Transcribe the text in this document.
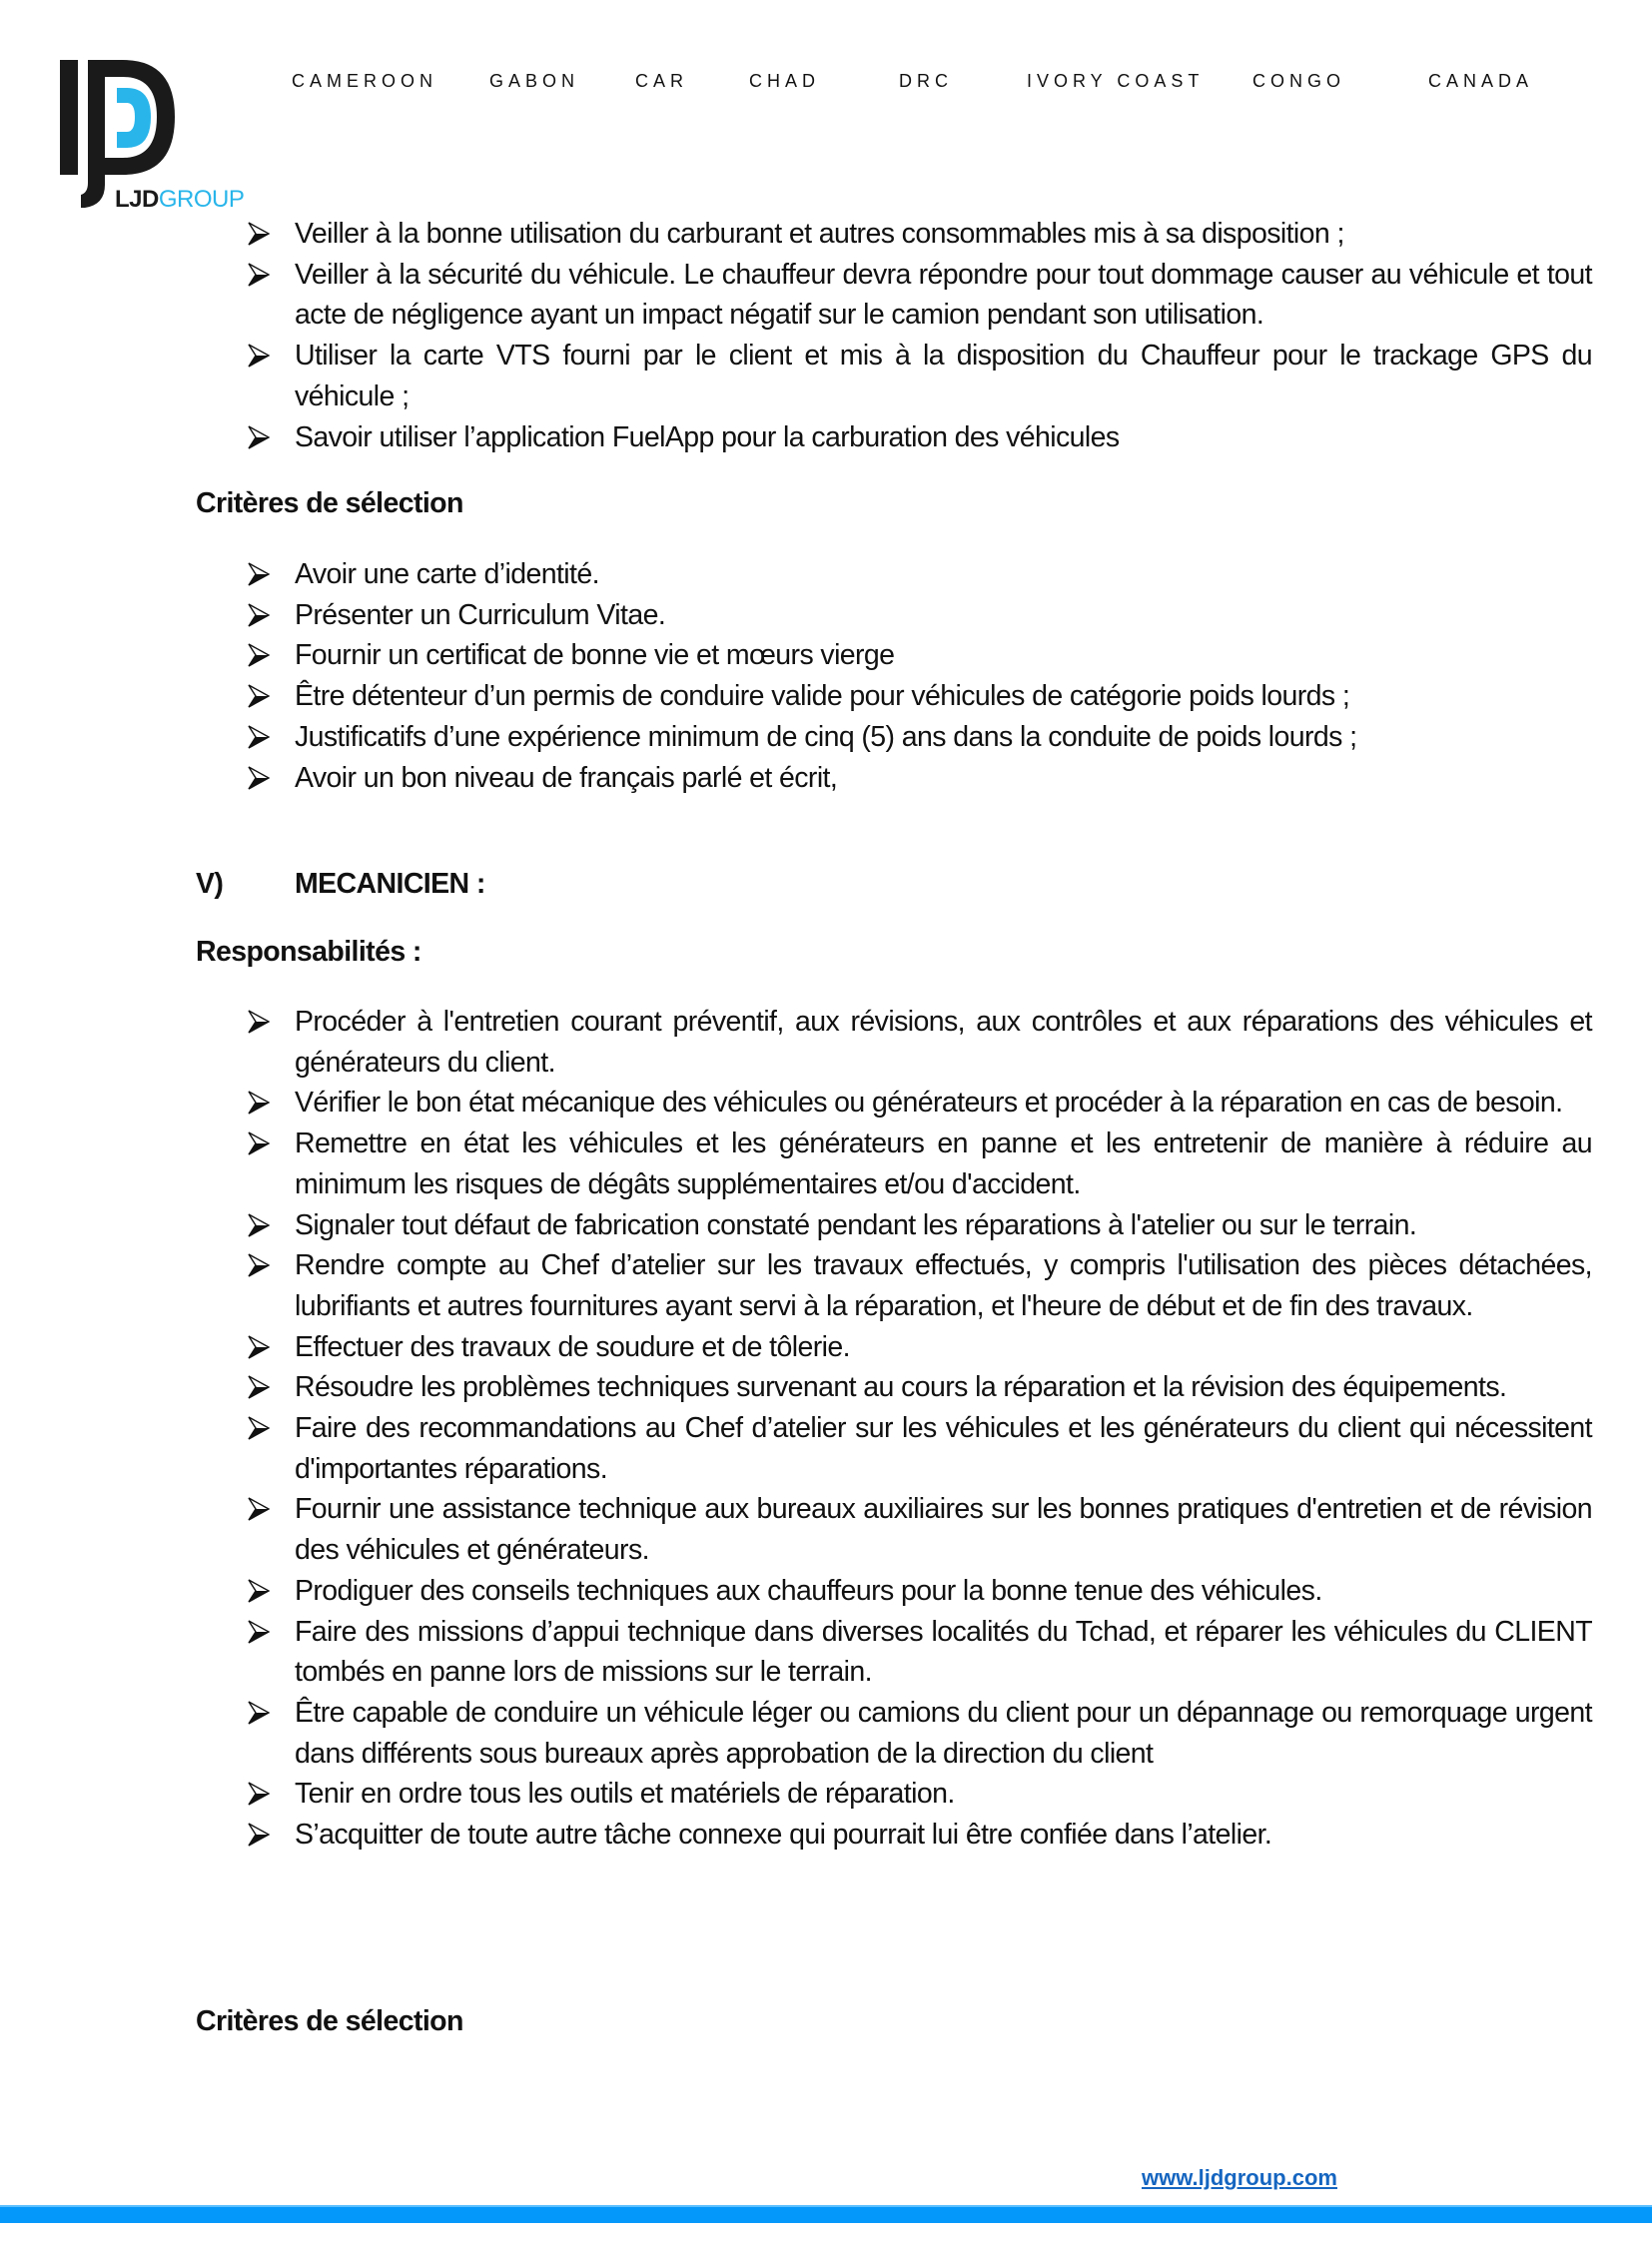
LJDGROUP
CAMEROON	GABON	CAR	CHAD	DRC	IVORY COAST	CONGO	CANADA
Veiller à la bonne utilisation du carburant et autres consommables mis à sa disposition ;
Veiller à la sécurité du véhicule. Le chauffeur devra répondre pour tout dommage causer au véhicule et tout acte de négligence ayant un impact négatif sur le camion pendant son utilisation.
Utiliser la carte VTS fourni par le client et mis à la disposition du Chauffeur pour le trackage GPS du véhicule ;
Savoir utiliser l’application FuelApp pour la carburation des véhicules
Critères de sélection
Avoir une carte d’identité.
Présenter un Curriculum Vitae.
Fournir un certificat de bonne vie et mœurs vierge
Être détenteur d’un permis de conduire valide pour véhicules de catégorie poids lourds ;
Justificatifs d’une expérience minimum de cinq (5) ans dans la conduite de poids lourds ;
Avoir un bon niveau de français parlé et écrit,
V)	MECANICIEN :
Responsabilités :
Procéder à l'entretien courant préventif, aux révisions, aux contrôles et aux réparations des véhicules et générateurs du client.
Vérifier le bon état mécanique des véhicules ou générateurs et procéder à la réparation en cas de besoin.
Remettre en état les véhicules et les générateurs en panne et les entretenir de manière à réduire au minimum les risques de dégâts supplémentaires et/ou d'accident.
Signaler tout défaut de fabrication constaté pendant les réparations à l'atelier ou sur le terrain.
Rendre compte au Chef d’atelier sur les travaux effectués, y compris l'utilisation des pièces détachées, lubrifiants et autres fournitures ayant servi à la réparation, et l'heure de début et de fin des travaux.
Effectuer des travaux de soudure et de tôlerie.
Résoudre les problèmes techniques survenant au cours la réparation et la révision des équipements.
Faire des recommandations au Chef d’atelier sur les véhicules et les générateurs du client qui nécessitent d'importantes réparations.
Fournir une assistance technique aux bureaux auxiliaires sur les bonnes pratiques d'entretien et de révision des véhicules et générateurs.
Prodiguer des conseils techniques aux chauffeurs pour la bonne tenue des véhicules.
Faire des missions d’appui technique dans diverses localités du Tchad, et réparer les véhicules du CLIENT tombés en panne lors de missions sur le terrain.
Être capable de conduire un véhicule léger ou camions du client pour un dépannage ou remorquage urgent dans différents sous bureaux après approbation de la direction du client
Tenir en ordre tous les outils et matériels de réparation.
S’acquitter de toute autre tâche connexe qui pourrait lui être confiée dans l’atelier.
Critères de sélection
www.ljdgroup.com
